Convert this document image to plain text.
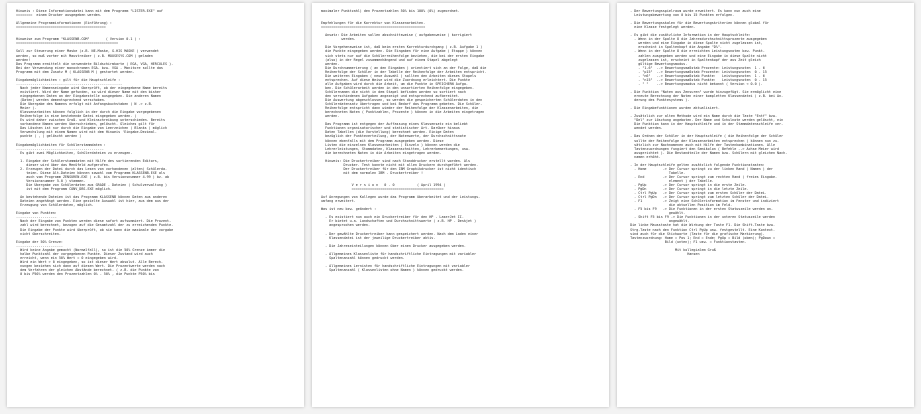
Hinweis : Diese Informationsdatei kann mit dem Programm "LISTER.EXE" auf
========  einem Drucker ausgegeben werden.
Allgemeine Programminformationen (Einführung) :
============================================
Hinweise zum Programm "KLASSENB.COM"        ( Version 0.1 ) :
==================================================
Soll zur Steuerung einer Maske (z.B. NE-Maske, G-HIS MASKE ) verwendet
werden, so muß vorher mit Maustreiber ( z.B. MOUSESYS.COM ) geladen
werden!
Das Programm ermittelt die verwendete Bildschirmkarte ( EGA, VGA, HERCULES ).
Bei der Verwendung einer monochromen EGA- bzw. VGA - Monitore sollte das
Programm mit dem Zusatz M ( KLASSENB M ) gestartet werden.
Eingabemöglichkeiten : gilt für die Hauptschleife :
----------------------------------------------------
Nach jeder Namenseingabe wird überprüft, ob der eingegebene Name bereits
existiert. Wird der Name gefunden, so wird dieser Name mit den bisher
eingegebenen Daten an der Eingabestelle ausgegeben. Die anderen Namen
(Daten) werden dementsprechend verschoben.
Die Übergabe des Namens erfolgt mit Anfangsbuchstaben ( N -> z.B.
Meier ).
Klassenarbeiten können folglich in der durch die Eingabe vorgegebenen
Reihenfolge in eine bestehende Datei eingegeben werden. (
Es wird daher zwischen Groß- und Kleinschreibung unterschieden. Bereits
vorhandene Namen werden überschrieben, gelöscht. Gleiches gilt für
Das Löschen ist nur durch die Eingabe von Leerzeichen ( Blanks ) möglich
Verwechslung mit einem Namen wird mit dem Hinweis 'Eingabe-Dezimal-
punkte ( , ) gelöscht werden )
Eingabemöglichkeiten für Schülerstammdaten :
-------------------------------------------
Es gibt zwei Möglichkeiten, Schülerdateien zu erzeugen.
1. Eingabe der Schülerstammdaten mit Hilfe des sortierenden Editors,
dieser wird über das Menüfeld aufgerufen.
2. Erzeugen der Datei durch das Lesen von vorhandenen (alten) Schülerda-
teien. Diese Alt-Dateien können sowohl vom Programm KLASSENB.EXE als
auch vom Programm ZENSUREN.EXE ( z.B. bis Versionsnummer 4.99 ) bz. ab
Versionsnummer 5.0 ) stammen.
Die Übergabe von Schülerdaten aus GRADE - Dateien ( Schulverwaltung )
ist mit dem Programm CONV_DBS.EXE möglich.
An bestehende Dateien ist das Programm KLASSENB können Daten aus anderen
Dateien angehängt werden. Eine gezielte Auswahl ist hier, aus dem aus der
Erzeugung von Schülerdaten, möglich.
Eingabe von Punkten:
--------------------
Nach der Eingabe von Punkten werden diese sofort aufsummiert. Die Prozent-
zahl wird berechnet, bezogen auf die Gesamtzahl der zu erreichenden Punkte.
Die Eingabe der Punkte wird überprüft, ob sie kann die maximale der vorgabe
nicht überschreiten.
Eingabe der 50% Grenze:
-----------------------
Wird keine Angabe gemacht (Normalfall), so ist die 50% Grenze immer die
halbe Punktzahl der vorgegebenen Punkte. Dieser Zustand wird auch
erreicht, wenn ein 50% Wert = 0 eingegeben wird.
Wird ein Wert > 0 eingegeben, so ist dieser Wert absolut. Alle Berech-
nungen beziehen sich dann auf diesen Wert. Die Prozentwerte werden nach
dem Verfahren der gleichen Abstände berechnet. ( z.B. die Punkte von
0 bis P50% werden den Prozentzahlen 0% - 50% , die Punkte P50% bis
maximaler Punktzahl) den Prozentzahlen 50% bis 100% (0%) zugeordnet.
Empfehlungen für die Korrektur von Klassenarbeiten.
===================================================
Ansatz: Die Arbeiten sollen abschnittsweise ( aufgabenweise ) korrigiert
werden.
Die Vorgehensweise ist, daß beim ersten Korrekturdurchgang ( z.B. Aufgabe 1 )
die Punkte eingegeben werden. Die Eingaben für eine Aufgabe ( Etappe ) können
sich stets nur auf die Schülerreihenfolge beziehen, die bei der ersten Eingabe
(also) in der Regel zusammenhängend und auf einem Stapel abgelegt
werden.
Die Durchnummerierung ( an den Eingaben ) orientiert sich an der Folge, daß die
Reihenfolge der Schüler in der Tabelle der Reihenfolge der Arbeiten entspricht.
Die weiteren Eingaben ( neue Auswahl ) sollten den Arbeiten dieses Stapels
entsprechen. Auf diese Weise wird die Zuordnung erleichtert. Die Punkte
alle Aufgaben wird durch die Arbeit, um die Punkte in SPEICHERN Aufga-
ben. Die Schülerarbeit werden in den unsortierten Reihenfolge eingegeben.
Schülernamen die nicht in dem Stapel befinden werden so sortiert nach
den verschiedenen Aufgaben angezeigt und entsprechend aufbereitet.
Die Auswertung abgeschlossen, so werden die gespeicherten Schülerdaten in den
Schülerdatensatz übertragen und bei Bedarf das Programm gebeten. Die Schüler-
Reihenfolge entspricht dann wieder der Reihenfolge der Klassenarbeiten, die
berechneten Noten ( Punktzahlen, Prozente ) können in die Arbeiten eingetragen
werden.
Das Programm ist entgegen der Auffassung eines Klassensatz ein beliebt
Funktionen organisatorischer und statistischer Art. Darüber hinaus
Daten Tabellen (die Vorstellung) berechnet werden. Einige Daten
bezüglich der Punkteverteilung, der Notenwerte, der Durchschnittsnote
können ebenfalls mit dem Programm ausgegeben werden. Diese
Listen die einzelnen Klassenarbeiten ( Einzeln ) können werden die
Lehrerleistungen, Stammdaten, Klassenschnitten, Lehrerbemerkungen, usw.
die berechneten Noten in die Arbeiten eingetragen werden.
Hinweis: Die Druckertreiber sind nach Standdrucker erstellt worden. Als
Drucker. Test konnte nicht mit allen Druckern durchgeführt werden.
Der Druckertreiber für den IBM Graphikdrucker ist nicht identisch
mit dem normalen IBM - Druckertreiber !
V e r s i o n   0 . 0           ( April 1994 )
=============================================
Auf Anregungen von Kollegen wurde das Programm überarbeitet und der Leistungs-
umfang erweitert.
Was ist neu bzw. geändert :
- Es existiert nun auch ein Druckertreiber für den HP - LaserJet II.
Er bietet u.a. Landschaften und Durchschnittswerte ( z.B. HP - Deskjet )
angesprochen werden.
- Der gewählte Druckertreiber kann gespeichert werden. Nach dem Laden einer
Klassendatei ist der jeweilige Druckertreiber aktiv.
- Die Jahreseinteilungen können über einen Drucker ausgegeben werden.
- Allgemeines Klassenliste für handschriftliche Eintragungen mit variabler
Spaltenanzahl können gedruckt werden.
- Allgemeines Lernisten für handschriftliche Eintragungen mit variabler
Spaltenanzahl ( Klassenlisten ohne Namen ) können gedruckt werden.
- Der Bewertungsspielraum wurde erweitert. Es kann nun auch eine
Leistungsbewertung von 0 bis 15 Punkten erfolgen.
- Die Bewertungsskalen für die Bewertungskriterien können global für
eine Klasse festgelegt werden.
- Es gibt die zusätzliche Information in der Hauptschleife:
- Wenn in der Spalte 8 die Jahresdurchschnittsprozente ausgegeben
werden und eine Eingabe in diese Spalte nicht zugelassen ist,
erscheint in Spaltenkopf die Angabe "D%".
- Wenn in der Spalte 8 die erreichten Leistungsnoten bzw. Punkt-
zahlen ausgegeben werden und eine Eingabe in diese Spalte nicht
zugelassen ist, erscheint in Spaltenkopf der aus Zeit gleich
gültige Bewertungsmodus.
- "1-6"  --> Bewertungsmaßstab Prozente: Leistungsnoten  1 - 6
- "p15"  --> Bewertungsmaßstab Prozente: Leistungsnoten  0 - 15
- "n6"   --> Bewertungsmaßstab Punkte:   Leistungsnoten  1 - 6
- "n15"  --> Bewertungsmaßstab Punkte:   Leistungsnoten  0 - 15
- " "    --> Bewertungsmodus nicht bekannt ( Version < 0.0 ).
- Die Funktion "Noten aus Zensuren" wurde hinzugefügt. Sie ermöglicht eine
erneute Berechnung der Noten einer kompletten Klassendatei ( z.B. bei Än-
derung des Punktesystems ).
- Die Eingabefunktionen wurden aktualisiert.
- Zusätzlich zur alten Methode wird ein Name durch die Taste "Entf" bzw.
"Del" zur Löschung angeboten. Der Name und Schulnote werden gelöscht, ein
Die Funktion kann in der Hauptschleife und in der Stammdatenschleife ver-
wendet werden.
- Das Ordnen der Schüler in der Hauptschleife ( die Reihenfolge der Schüler
sollte der Reihenfolge der Klassenarbeiten entsprechen ) können nun zu-
sätzlich zur Nachnamenen auch mit Hilfe der Tastenkombinationen. Alle
Tastenzuordnungen fungiert den Semikolon ( Befehle --> Achse Meier wird
ausgerichtet ). Die Bestandteile der Namen bzw. Schülern mit gleichen Nach-
namen erhöht.
- In der Hauptschleife gelten zusätzlich folgende Funktionstasten:
- Home        -> Der Cursor springt zu der linken Rand ( Namen ) der
Tabelle.
- End         -> Der Cursor springt zum rechten Rand ( freies Eingabe-
element ) der Tabelle.
- PgUp        -> Der Cursor springt in die erste Zeile.
- PgDn        -> Der Cursor springt in die letzte Zeile.
- Ctrl PgUp   -> Der Cursor springt zum ersten Schüler der Datei.
- Ctrl PgDn   -> Der Cursor springt zum letzten Schüler der Datei.
- F1          -> Zeigt eine Schülerinformation im Fenster und indiziert
die aktuellen Position im Feld.
- F5 bis F9   -> Die Funktionen in der ersten Statuszeile werden an-
gewählt.
- Shift F5 bis F9 -> Die Funktionen in der unteren Statuszeile werden
angewählt.
Die linke Mausstaste hat die Wirkung der Taste F1. Die Shift-Taste bzw.
Strg-Taste nach den Funktion Ctrl PgUp usw. festgestellt. Eine Kontext-
sind auch für die Stichworte (Taste für die grafische Markierung).
Tastenzuordnung: Home = Pos 1; End = Ende; PgUp = Bild (oben); PgDown =
Bild (unten); F1 usw. = Funktionstasten.
Mit kollegialem Gruß
Hansen
